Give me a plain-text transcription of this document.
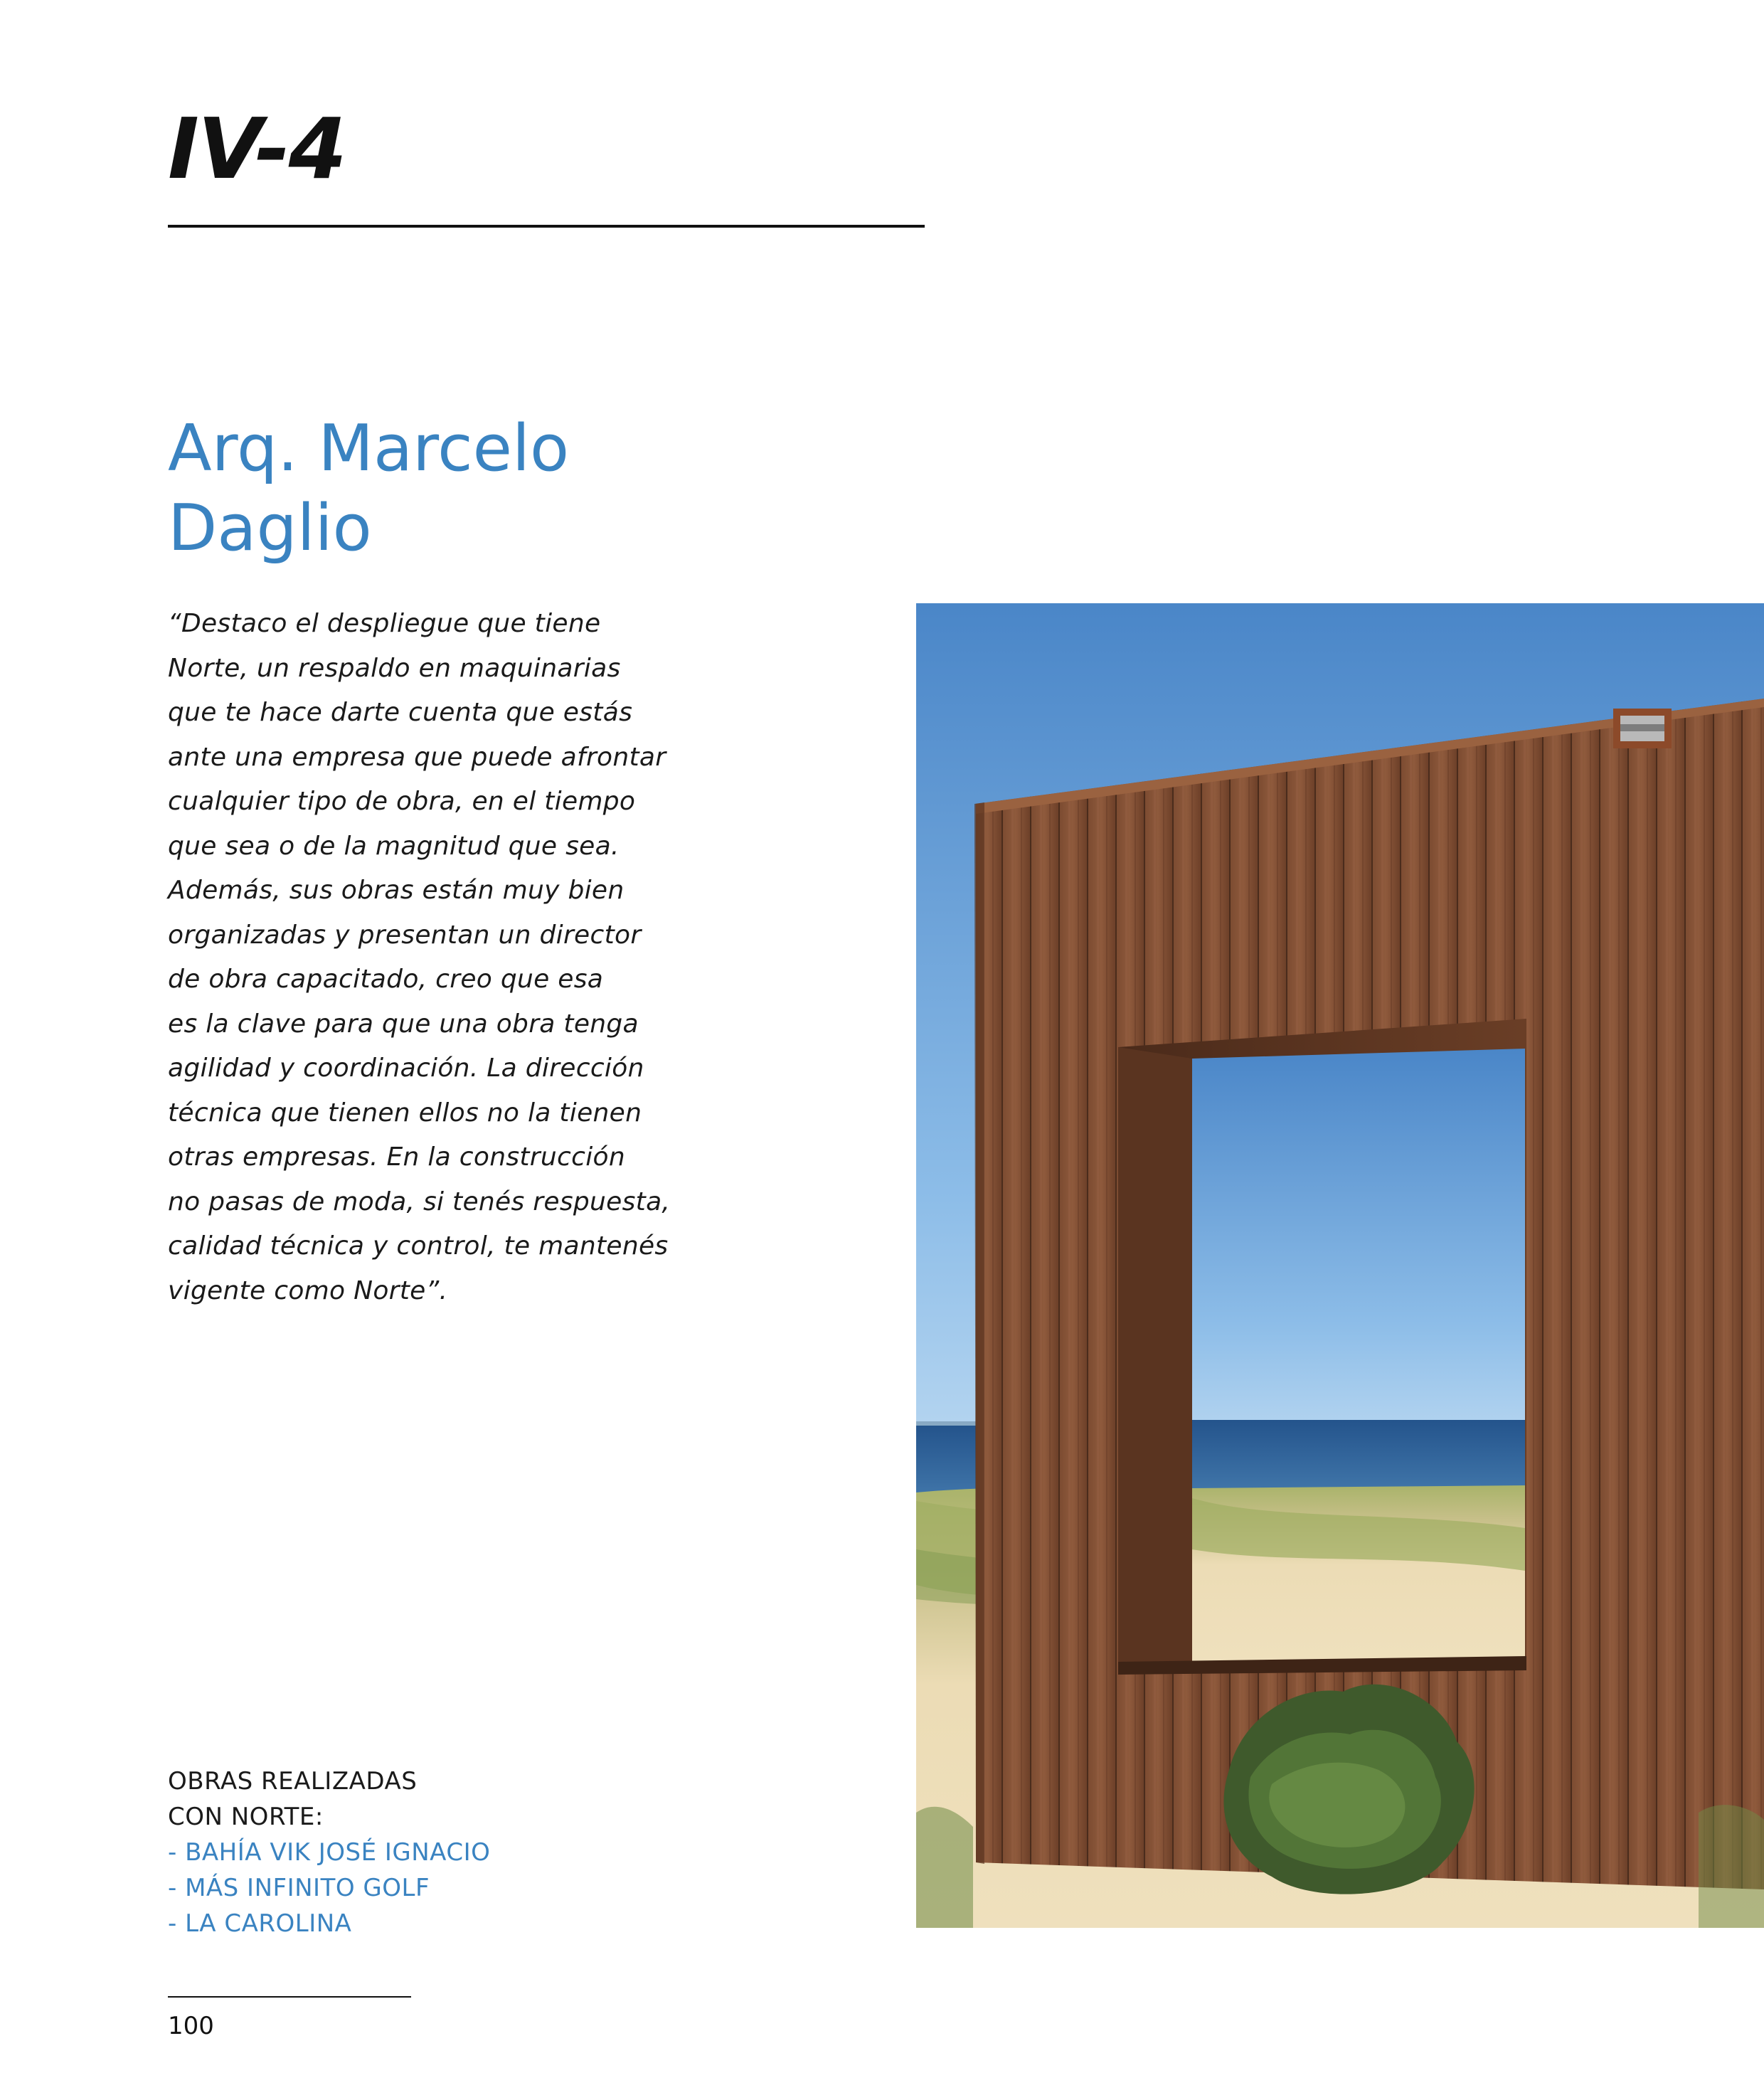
IV-4
Arq. Marcelo
Daglio
“Destaco el despliegue que tiene
Norte, un respaldo en maquinarias
que te hace darte cuenta que estás
ante una empresa que puede afrontar
cualquier tipo de obra, en el tiempo
que sea o de la magnitud que sea.
Además, sus obras están muy bien
organizadas y presentan un director
de obra capacitado, creo que esa
es la clave para que una obra tenga
agilidad y coordinación. La dirección
técnica que tienen ellos no la tienen
otras empresas. En la construcción
no pasas de moda, si tenés respuesta,
calidad técnica y control, te mantenés
vigente como Norte”.
OBRAS REALIZADAS
CON NORTE:
- BAHÍA VIK JOSÉ IGNACIO
- MÁS INFINITO GOLF
- LA CAROLINA
100
